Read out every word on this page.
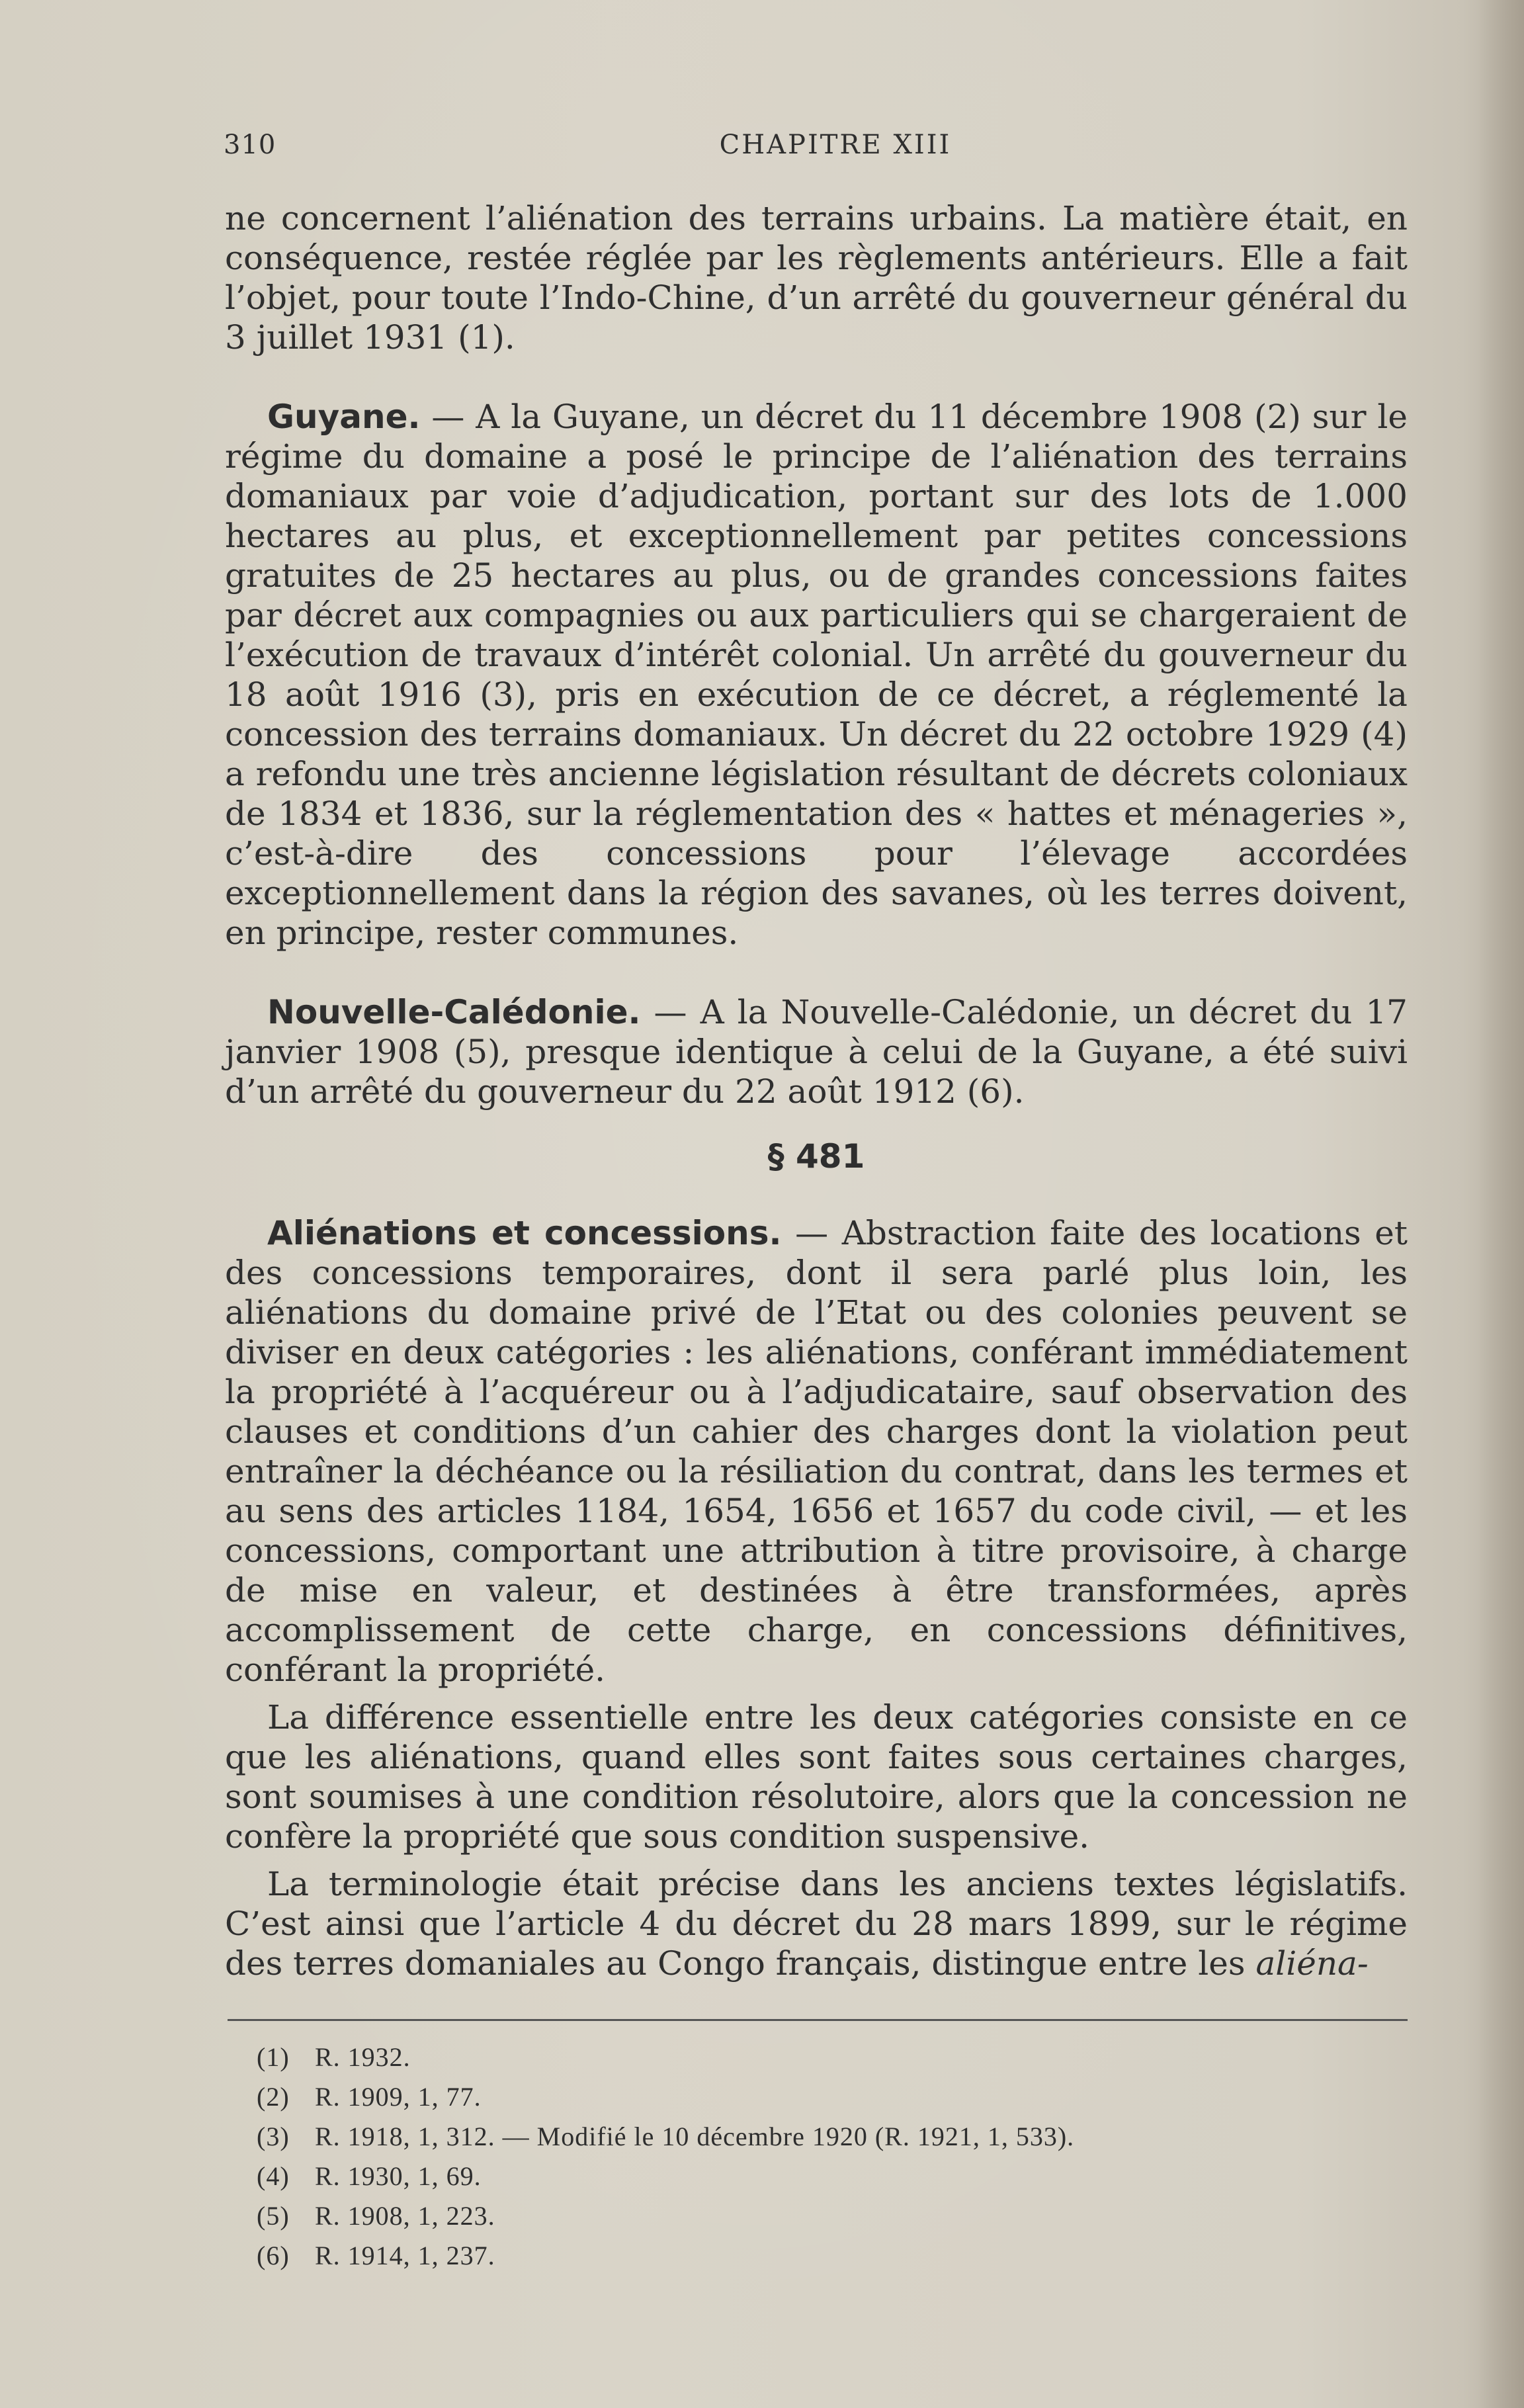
310	CHAPITRE XIII

ne concernent l’aliénation des terrains urbains. La matière était, en conséquence, restée réglée par les règlements antérieurs. Elle a fait l’objet, pour toute l’Indo-Chine, d’un arrêté du gouverneur général du 3 juillet 1931 (1).

Guyane. — A la Guyane, un décret du 11 décembre 1908 (2) sur le régime du domaine a posé le principe de l’aliénation des terrains domaniaux par voie d’adjudication, portant sur des lots de 1.000 hectares au plus, et exceptionnellement par petites concessions gratuites de 25 hectares au plus, ou de grandes concessions faites par décret aux compagnies ou aux particuliers qui se chargeraient de l’exécution de travaux d’intérêt colonial. Un arrêté du gouverneur du 18 août 1916 (3), pris en exécution de ce décret, a réglementé la concession des terrains domaniaux. Un décret du 22 octobre 1929 (4) a refondu une très ancienne législation résultant de décrets coloniaux de 1834 et 1836, sur la réglementation des « hattes et ménageries », c’est-à-dire des concessions pour l’élevage accordées exceptionnellement dans la région des savanes, où les terres doivent, en principe, rester communes.

Nouvelle-Calédonie. — A la Nouvelle-Calédonie, un décret du 17 janvier 1908 (5), presque identique à celui de la Guyane, a été suivi d’un arrêté du gouverneur du 22 août 1912 (6).

§ 481

Aliénations et concessions. — Abstraction faite des locations et des concessions temporaires, dont il sera parlé plus loin, les aliénations du domaine privé de l’Etat ou des colonies peuvent se diviser en deux catégories : les aliénations, conférant immédiatement la propriété à l’acquéreur ou à l’adjudicataire, sauf observation des clauses et conditions d’un cahier des charges dont la violation peut entraîner la déchéance ou la résiliation du contrat, dans les termes et au sens des articles 1184, 1654, 1656 et 1657 du code civil, — et les concessions, comportant une attribution à titre provisoire, à charge de mise en valeur, et destinées à être transformées, après accomplissement de cette charge, en concessions définitives, conférant la propriété.

La différence essentielle entre les deux catégories consiste en ce que les aliénations, quand elles sont faites sous certaines charges, sont soumises à une condition résolutoire, alors que la concession ne confère la propriété que sous condition suspensive.

La terminologie était précise dans les anciens textes législatifs. C’est ainsi que l’article 4 du décret du 28 mars 1899, sur le régime des terres domaniales au Congo français, distingue entre les aliéna-

(1) R. 1932.
(2) R. 1909, 1, 77.
(3) R. 1918, 1, 312. — Modifié le 10 décembre 1920 (R. 1921, 1, 533).
(4) R. 1930, 1, 69.
(5) R. 1908, 1, 223.
(6) R. 1914, 1, 237.
